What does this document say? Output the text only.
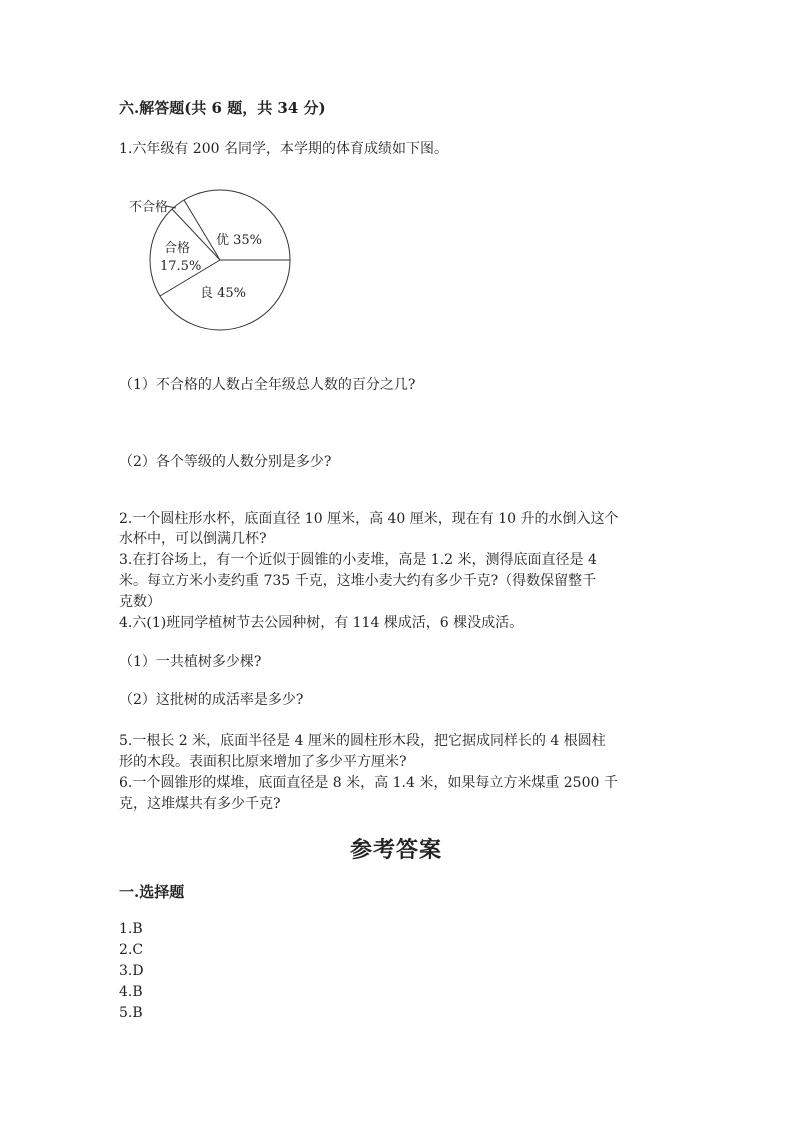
六.解答题(共 6 题，共 34 分)
1.六年级有 200 名同学，本学期的体育成绩如下图。
不合格
合格
17.5%
优 35%
良 45%
（1）不合格的人数占全年级总人数的百分之几?
（2）各个等级的人数分别是多少?
2.一个圆柱形水杯，底面直径 10 厘米，高 40 厘米，现在有 10 升的水倒入这个
水杯中，可以倒满几杯?
3.在打谷场上，有一个近似于圆锥的小麦堆，高是 1.2 米，测得底面直径是 4
米。每立方米小麦约重 735 千克，这堆小麦大约有多少千克?（得数保留整千
克数）
4.六(1)班同学植树节去公园种树，有 114 棵成活，6 棵没成活。
（1）一共植树多少棵?
（2）这批树的成活率是多少?
5.一根长 2 米，底面半径是 4 厘米的圆柱形木段，把它据成同样长的 4 根圆柱
形的木段。表面积比原来增加了多少平方厘米?
6.一个圆锥形的煤堆，底面直径是 8 米，高 1.4 米，如果每立方米煤重 2500 千
克，这堆煤共有多少千克?
参考答案
一.选择题
1.B
2.C
3.D
4.B
5.B
